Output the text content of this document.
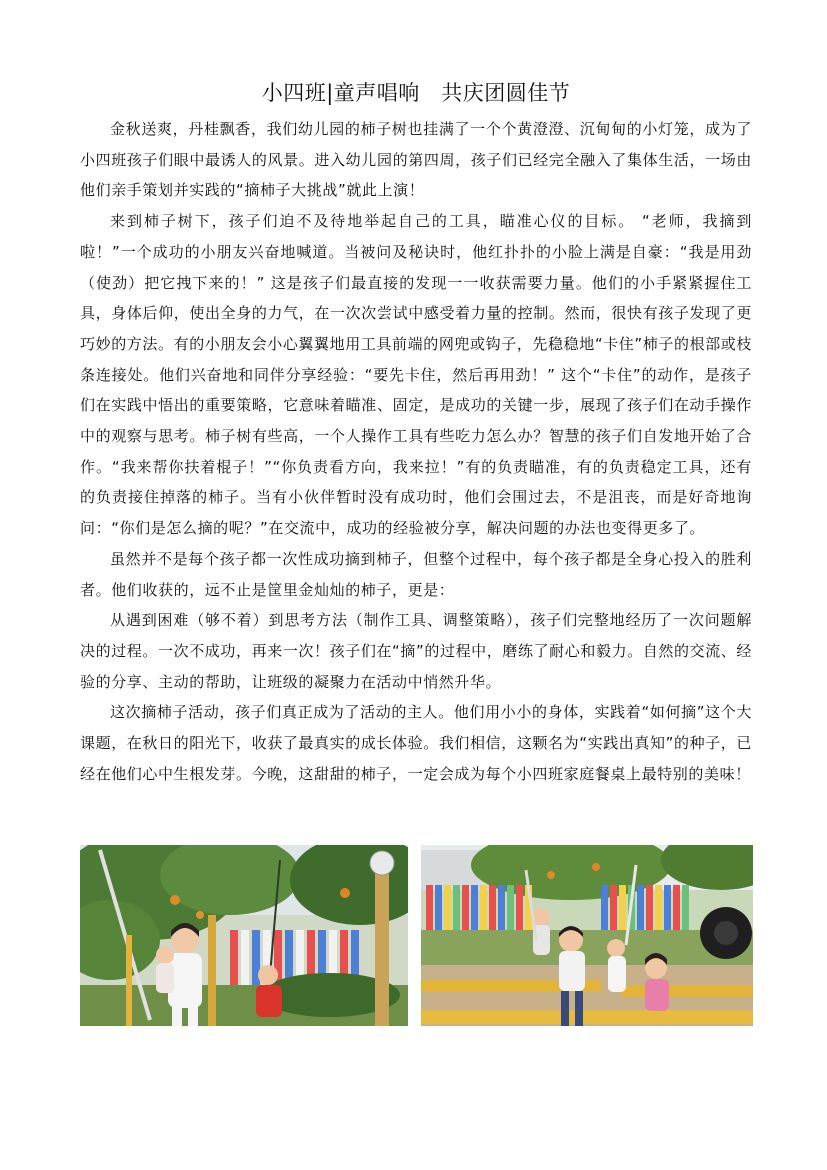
小四班|童声唱响　共庆团圆佳节

金秋送爽，丹桂飘香，我们幼儿园的柿子树也挂满了一个个黄澄澄、沉甸甸的小灯笼，成为了小四班孩子们眼中最诱人的风景。进入幼儿园的第四周，孩子们已经完全融入了集体生活，一场由他们亲手策划并实践的“摘柿子大挑战”就此上演！

来到柿子树下，孩子们迫不及待地举起自己的工具，瞄准心仪的目标。 “老师，我摘到啦！”一个成功的小朋友兴奋地喊道。当被问及秘诀时，他红扑扑的小脸上满是自豪：“我是用劲（使劲）把它拽下来的！” 这是孩子们最直接的发现一一收获需要力量。他们的小手紧紧握住工具，身体后仰，使出全身的力气，在一次次尝试中感受着力量的控制。然而，很快有孩子发现了更巧妙的方法。有的小朋友会小心翼翼地用工具前端的网兜或钩子，先稳稳地“卡住”柿子的根部或枝条连接处。他们兴奋地和同伴分享经验：“要先卡住，然后再用劲！” 这个“卡住”的动作，是孩子们在实践中悟出的重要策略，它意味着瞄准、固定，是成功的关键一步，展现了孩子们在动手操作中的观察与思考。柿子树有些高，一个人操作工具有些吃力怎么办？智慧的孩子们自发地开始了合作。“我来帮你扶着棍子！”“你负责看方向，我来拉！”有的负责瞄准，有的负责稳定工具，还有的负责接住掉落的柿子。当有小伙伴暂时没有成功时，他们会围过去，不是沮丧，而是好奇地询问：“你们是怎么摘的呢？”在交流中，成功的经验被分享，解决问题的办法也变得更多了。

虽然并不是每个孩子都一次性成功摘到柿子，但整个过程中，每个孩子都是全身心投入的胜利者。他们收获的，远不止是筐里金灿灿的柿子，更是：

从遇到困难（够不着）到思考方法（制作工具、调整策略），孩子们完整地经历了一次问题解决的过程。一次不成功，再来一次！孩子们在“摘”的过程中，磨练了耐心和毅力。自然的交流、经验的分享、主动的帮助，让班级的凝聚力在活动中悄然升华。

这次摘柿子活动，孩子们真正成为了活动的主人。他们用小小的身体，实践着“如何摘”这个大课题，在秋日的阳光下，收获了最真实的成长体验。我们相信，这颗名为“实践出真知”的种子，已经在他们心中生根发芽。今晚，这甜甜的柿子，一定会成为每个小四班家庭餐桌上最特别的美味！
